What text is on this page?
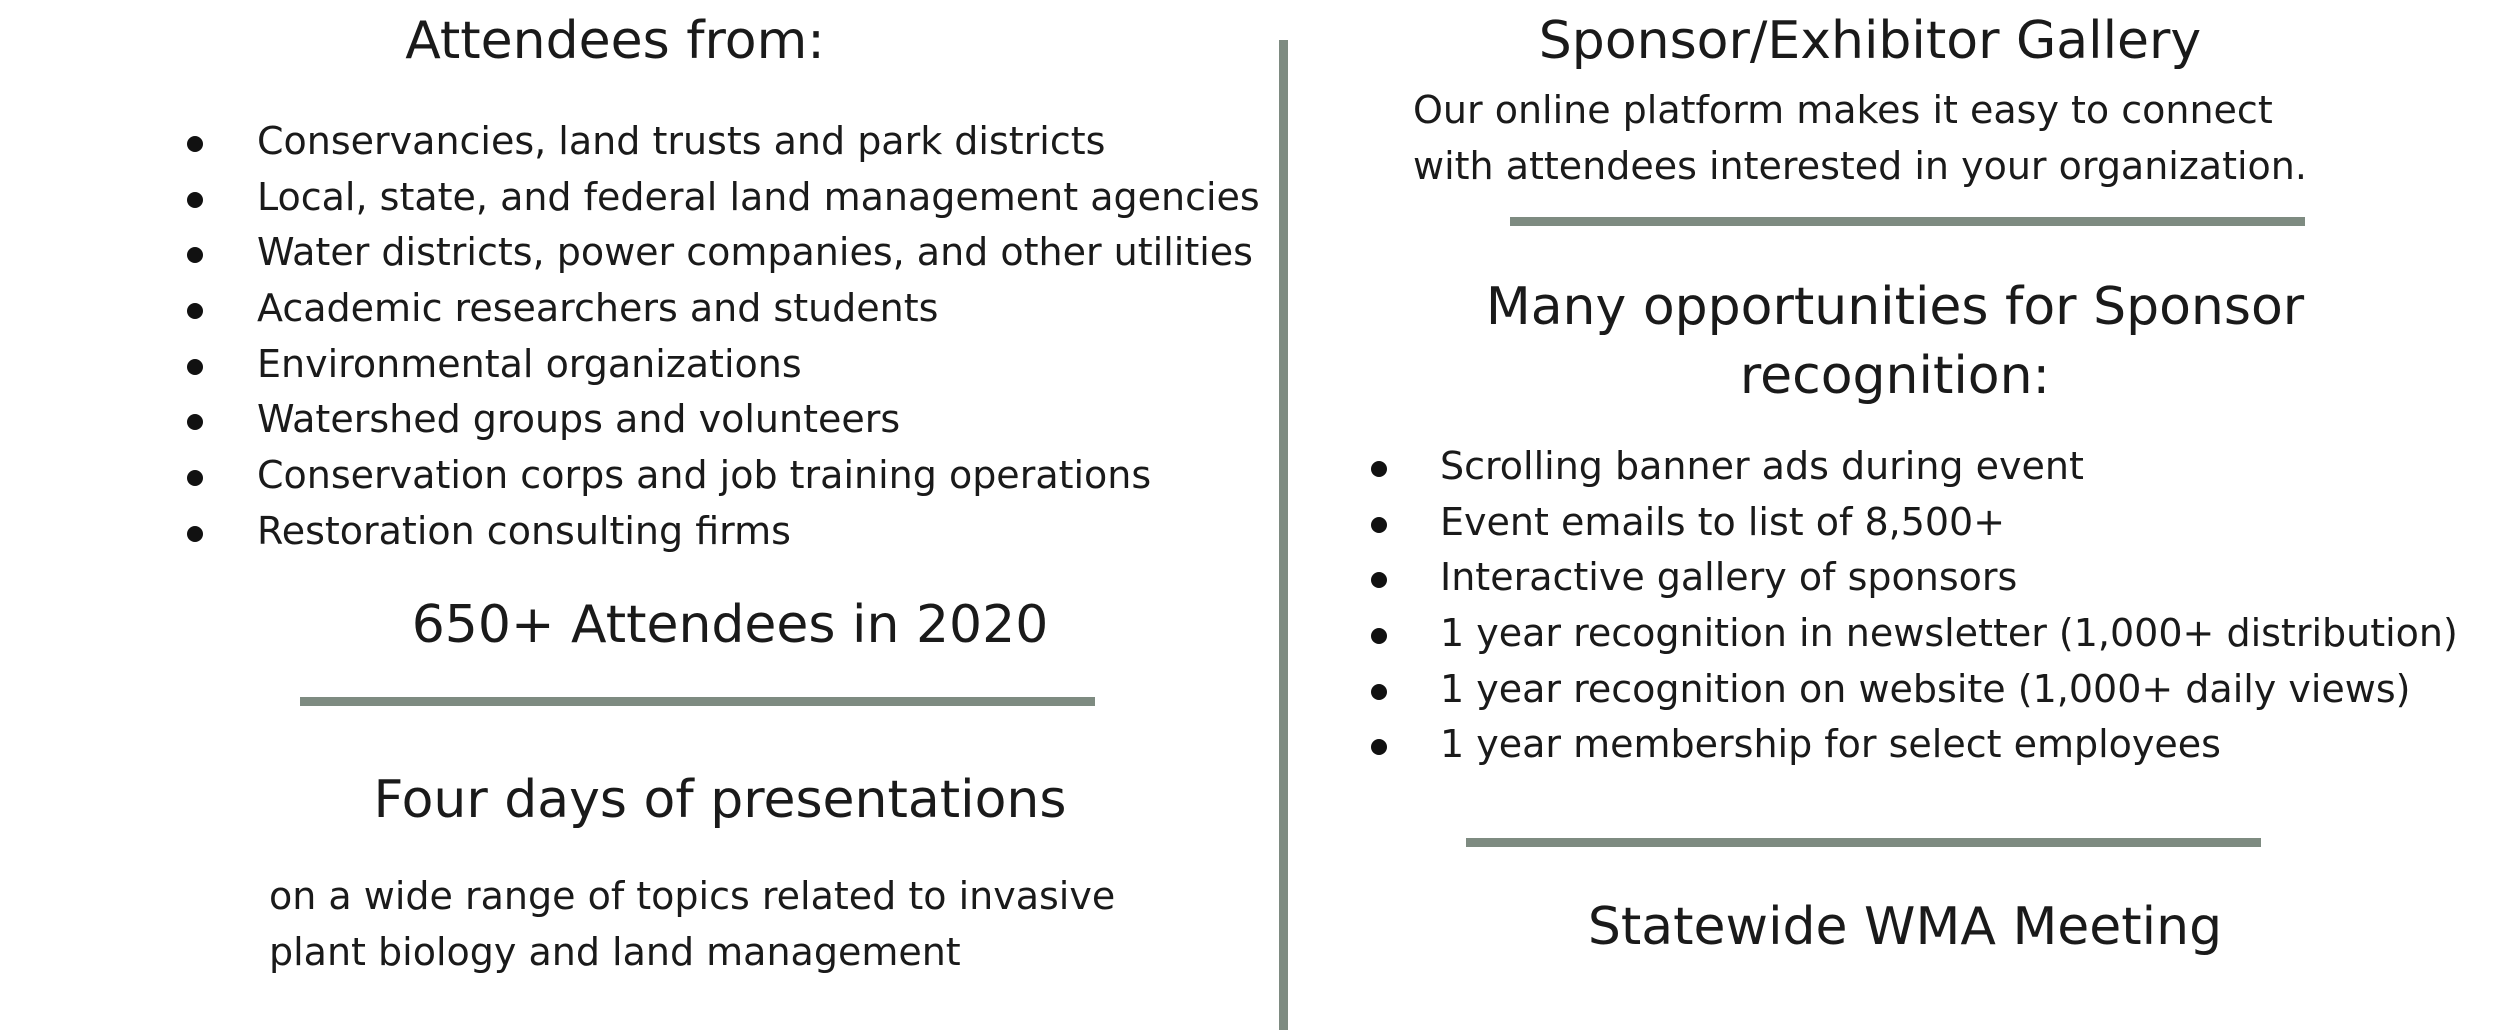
Attendees from:
Conservancies, land trusts and park districts
Local, state, and federal land management agencies
Water districts, power companies, and other utilities
Academic researchers and students
Environmental organizations
Watershed groups and volunteers
Conservation corps and job training operations
Restoration consulting firms
650+ Attendees in 2020
Four days of presentations
on a wide range of topics related to invasive
plant biology and land management
Sponsor/Exhibitor Gallery
Our online platform makes it easy to connect
with attendees interested in your organization.
Many opportunities for Sponsor
recognition:
Scrolling banner ads during event
Event emails to list of 8,500+
Interactive gallery of sponsors
1 year recognition in newsletter (1,000+ distribution)
1 year recognition on website (1,000+ daily views)
1 year membership for select employees
Statewide WMA Meeting
